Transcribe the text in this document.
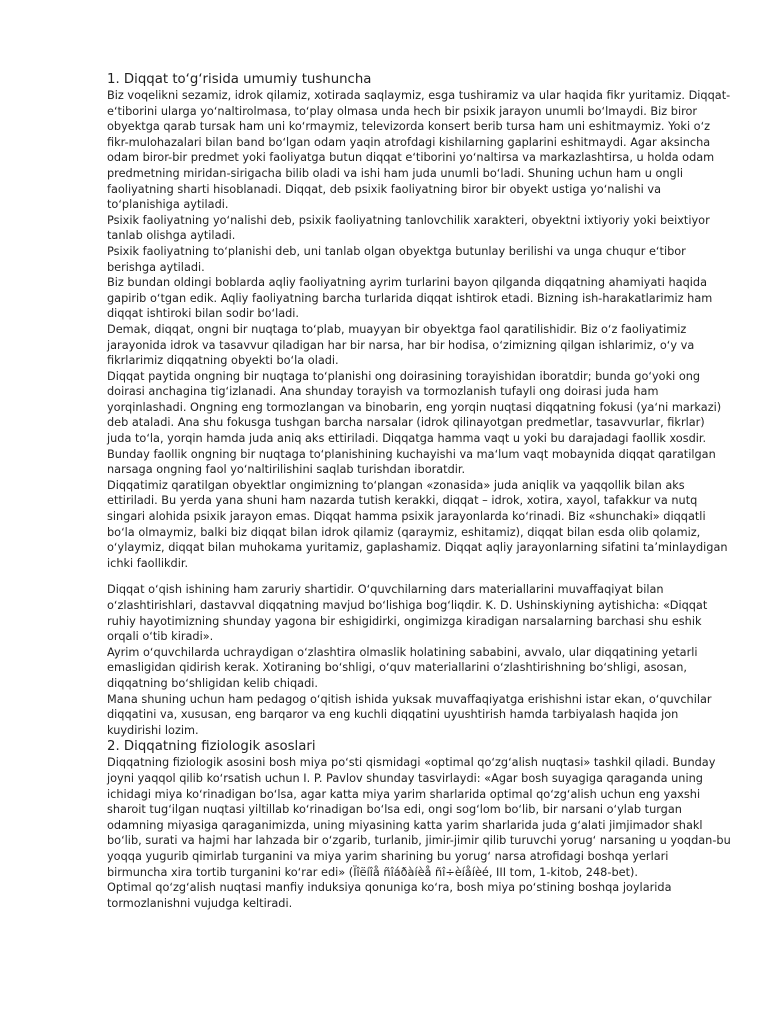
1. Diqqat toʻgʻrisida umumiy tushuncha

Biz voqelikni sezamiz, idrok qilamiz, xotirada saqlaymiz, esga tushiramiz va ular haqida fikr yuritamiz. Diqqat-eʻtiborini ularga yoʻnaltirolmasa, toʻplay olmasa unda hech bir psixik jarayon unumli boʻlmaydi. Biz biror obyektga qarab tursak ham uni koʻrmaymiz, televizorda konsert berib tursa ham uni eshitmaymiz. Yoki oʻz fikr-mulohazalari bilan band boʻlgan odam yaqin atrofdagi kishilarning gaplarini eshitmaydi. Agar aksincha odam biror-bir predmet yoki faoliyatga butun diqqat eʻtiborini yoʻnaltirsa va markazlashtirsa, u holda odam predmetning miridan-sirigacha bilib oladi va ishi ham juda unumli boʻladi. Shuning uchun ham u ongli faoliyatning sharti hisoblanadi. Diqqat, deb psixik faoliyatning biror bir obyekt ustiga yoʻnalishi va toʻplanishiga aytiladi.

Psixik faoliyatning yoʻnalishi deb, psixik faoliyatning tanlovchilik xarakteri, obyektni ixtiyoriy yoki beixtiyor tanlab olishga aytiladi.

Psixik faoliyatning toʻplanishi deb, uni tanlab olgan obyektga butunlay berilishi va unga chuqur eʻtibor berishga aytiladi.

Biz bundan oldingi boblarda aqliy faoliyatning ayrim turlarini bayon qilganda diqqatning ahamiyati haqida gapirib oʻtgan edik. Aqliy faoliyatning barcha turlarida diqqat ishtirok etadi. Bizning ish-harakatlarimiz ham diqqat ishtiroki bilan sodir boʻladi.

Demak, diqqat, ongni bir nuqtaga toʻplab, muayyan bir obyektga faol qaratilishidir. Biz oʻz faoliyatimiz jarayonida idrok va tasavvur qiladigan har bir narsa, har bir hodisa, oʻzimizning qilgan ishlarimiz, oʻy va fikrlarimiz diqqatning obyekti boʻla oladi.

Diqqat paytida ongning bir nuqtaga toʻplanishi ong doirasining torayishidan iboratdir; bunda goʻyoki ong doirasi anchagina tigʻizlanadi. Ana shunday torayish va tormozlanish tufayli ong doirasi juda ham yorqinlashadi. Ongning eng tormozlangan va binobarin, eng yorqin nuqtasi diqqatning fokusi (yaʻni markazi) deb ataladi. Ana shu fokusga tushgan barcha narsalar (idrok qilinayotgan predmetlar, tasavvurlar, fikrlar) juda toʻla, yorqin hamda juda aniq aks ettiriladi. Diqqatga hamma vaqt u yoki bu darajadagi faollik xosdir. Bunday faollik ongning bir nuqtaga toʻplanishining kuchayishi va maʻlum vaqt mobaynida diqqat qaratilgan narsaga ongning faol yoʻnaltirilishini saqlab turishdan iboratdir.

Diqqatimiz qaratilgan obyektlar ongimizning toʻplangan «zonasida» juda aniqlik va yaqqollik bilan aks ettiriladi. Bu yerda yana shuni ham nazarda tutish kerakki, diqqat – idrok, xotira, xayol, tafakkur va nutq singari alohida psixik jarayon emas. Diqqat hamma psixik jarayonlarda koʻrinadi. Biz «shunchaki» diqqatli boʻla olmaymiz, balki biz diqqat bilan idrok qilamiz (qaraymiz, eshitamiz), diqqat bilan esda olib qolamiz, oʻylaymiz, diqqat bilan muhokama yuritamiz, gaplashamiz. Diqqat aqliy jarayonlarning sifatini taʼminlaydigan ichki faollikdir.

Diqqat oʻqish ishining ham zaruriy shartidir. Oʻquvchilarning dars materiallarini muvaffaqiyat bilan oʻzlashtirishlari, dastavval diqqatning mavjud boʻlishiga bogʻliqdir. K. D. Ushinskiyning aytishicha: «Diqqat ruhiy hayotimizning shunday yagona bir eshigidirki, ongimizga kiradigan narsalarning barchasi shu eshik orqali oʻtib kiradi».

Ayrim oʻquvchilarda uchraydigan oʻzlashtira olmaslik holatining sababini, avvalo, ular diqqatining yetarli emasligidan qidirish kerak. Xotiraning boʻshligi, oʻquv materiallarini oʻzlashtirishning boʻshligi, asosan, diqqatning boʻshligidan kelib chiqadi.

Mana shuning uchun ham pedagog oʻqitish ishida yuksak muvaffaqiyatga erishishni istar ekan, oʻquvchilar diqqatini va, xususan, eng barqaror va eng kuchli diqqatini uyushtirish hamda tarbiyalash haqida jon kuydirishi lozim.

2. Diqqatning fiziologik asoslari

Diqqatning fiziologik asosini bosh miya poʻsti qismidagi «optimal qoʻzgʻalish nuqtasi» tashkil qiladi. Bunday joyni yaqqol qilib koʻrsatish uchun I. P. Pavlov shunday tasvirlaydi: «Agar bosh suyagiga qaraganda uning ichidagi miya koʻrinadigan boʻlsa, agar katta miya yarim sharlarida optimal qoʻzgʻalish uchun eng yaxshi sharoit tugʻilgan nuqtasi yiltillab koʻrinadigan boʻlsa edi, ongi sogʻlom boʻlib, bir narsani oʻylab turgan odamning miyasiga qaraganimizda, uning miyasining katta yarim sharlarida juda gʻalati jimjimador shakl boʻlib, surati va hajmi har lahzada bir oʻzgarib, turlanib, jimir-jimir qilib turuvchi yorugʻ narsaning u yoqdan-bu yoqqa yugurib qimirlab turganini va miya yarim sharining bu yorugʻ narsa atrofidagi boshqa yerlari birmuncha xira tortib turganini koʻrar edi» (Ïîëíîå ñîáðàíèå ñî÷èíåíèé, III tom, 1-kitob, 248-bet).

Optimal qoʻzgʻalish nuqtasi manfiy induksiya qonuniga koʻra, bosh miya poʻstining boshqa joylarida tormozlanishni vujudga keltiradi.
